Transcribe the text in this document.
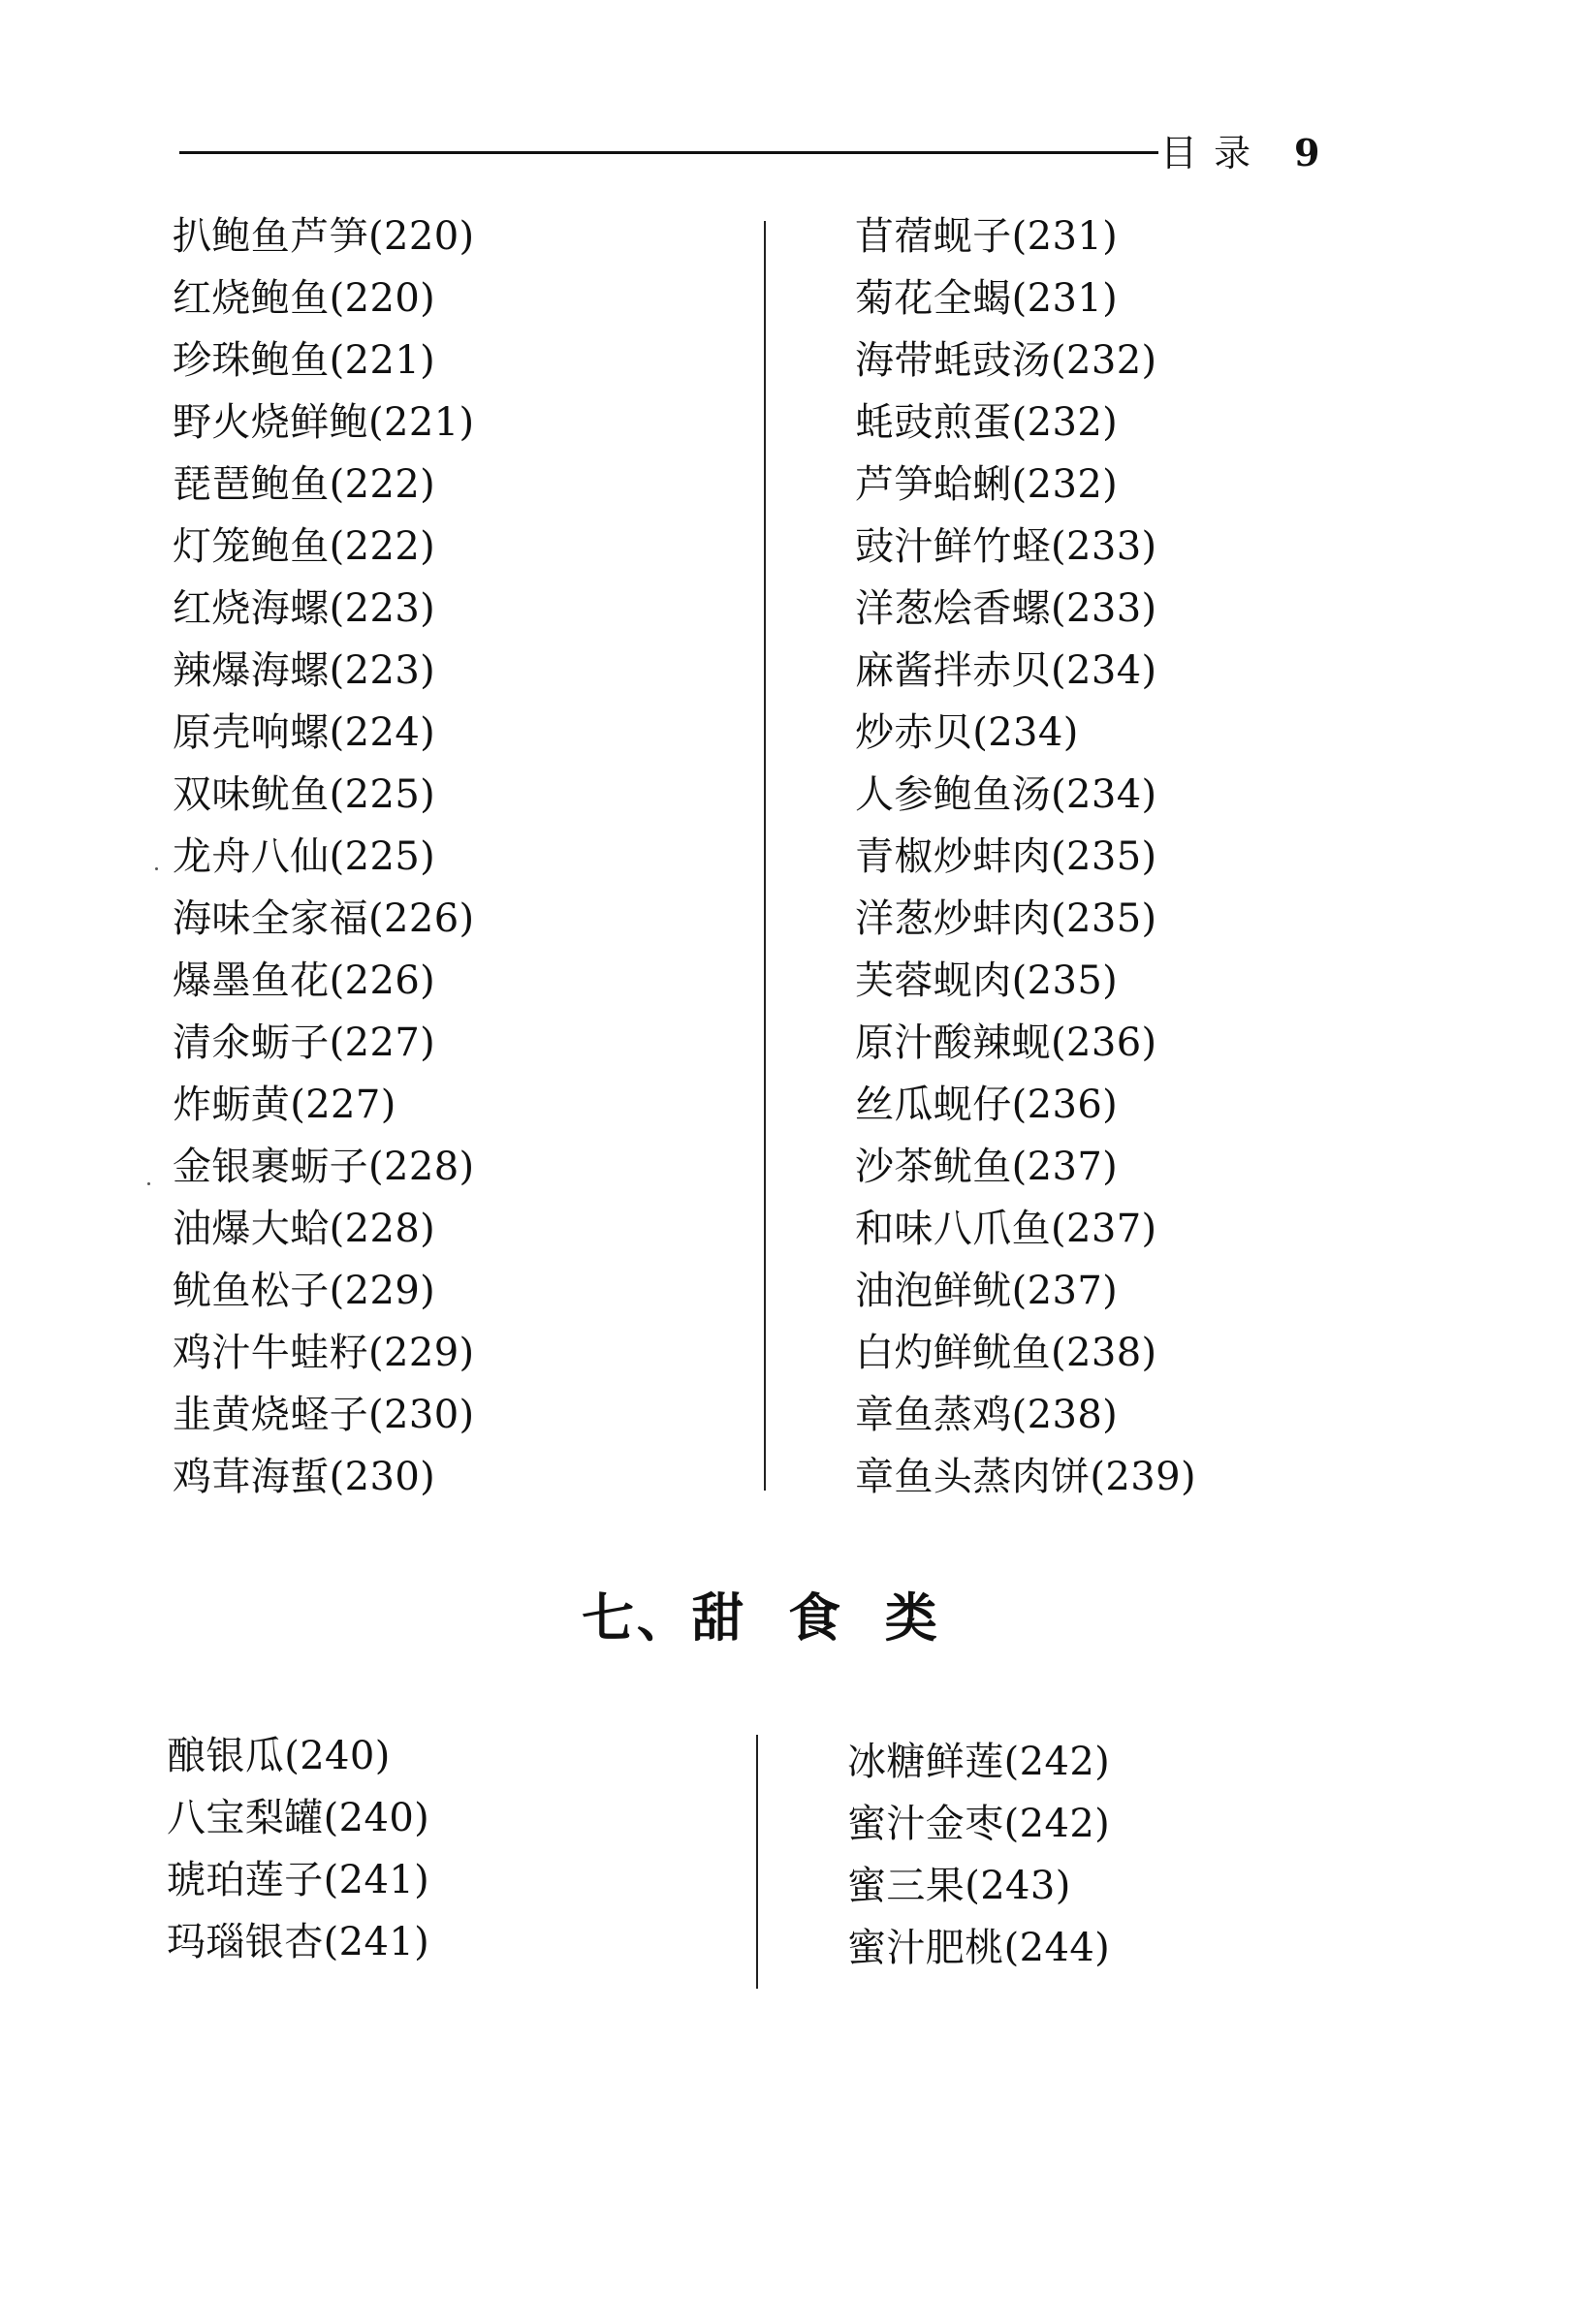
目录 9
扒鲍鱼芦笋(220)
红烧鲍鱼(220)
珍珠鲍鱼(221)
野火烧鲜鲍(221)
琵琶鲍鱼(222)
灯笼鲍鱼(222)
红烧海螺(223)
辣爆海螺(223)
原壳响螺(224)
双味鱿鱼(225)
龙舟八仙(225)
海味全家福(226)
爆墨鱼花(226)
清氽蛎子(227)
炸蛎黄(227)
金银裹蛎子(228)
油爆大蛤(228)
鱿鱼松子(229)
鸡汁牛蛙籽(229)
韭黄烧蛏子(230)
鸡茸海蜇(230)
苜蓿蚬子(231)
菊花全蝎(231)
海带蚝豉汤(232)
蚝豉煎蛋(232)
芦笋蛤蜊(232)
豉汁鲜竹蛏(233)
洋葱烩香螺(233)
麻酱拌赤贝(234)
炒赤贝(234)
人参鲍鱼汤(234)
青椒炒蚌肉(235)
洋葱炒蚌肉(235)
芙蓉蚬肉(235)
原汁酸辣蚬(236)
丝瓜蚬仔(236)
沙茶鱿鱼(237)
和味八爪鱼(237)
油泡鲜鱿(237)
白灼鲜鱿鱼(238)
章鱼蒸鸡(238)
章鱼头蒸肉饼(239)
七、甜  食  类
酿银瓜(240)
八宝梨罐(240)
琥珀莲子(241)
玛瑙银杏(241)
冰糖鲜莲(242)
蜜汁金枣(242)
蜜三果(243)
蜜汁肥桃(244)
